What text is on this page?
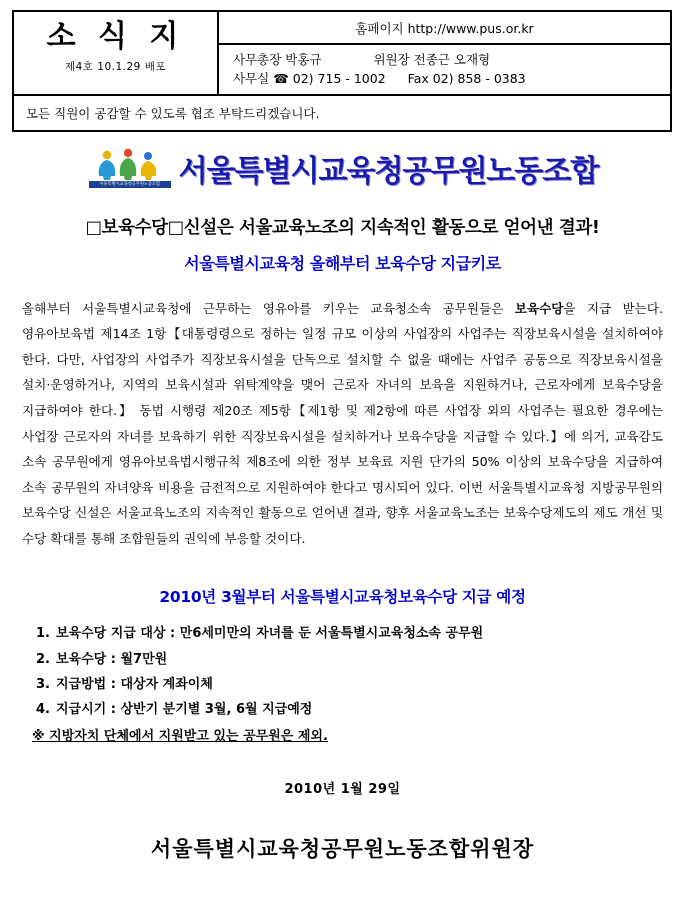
소 식 지
제4호 10.1.29 배포
홈페이지 http://www.pus.or.kr
사무총장 박홍규	위원장 전종근 오재형
사무실 ☎ 02) 715 - 1002 Fax 02) 858 - 0383
모든 직원이 공감할 수 있도록 협조 부탁드리겠습니다.
서울특별시교육청공무원노동조합 서울특별시교육청공무원노동조합
□보육수당□신설은 서울교육노조의 지속적인 활동으로 얻어낸 결과!
서울특별시교육청 올해부터 보육수당 지급키로

올해부터 서울특별시교육청에 근무하는 영유아를 키우는 교육청소속 공무원들은 보육수당을 지급 받는다. 영유아보육법 제14조 1항【대통령령으로 정하는 일정 규모 이상의 사업장의 사업주는 직장보육시설을 설치하여야 한다. 다만, 사업장의 사업주가 직장보육시설을 단독으로 설치할 수 없을 때에는 사업주 공동으로 직장보육시설을 설치·운영하거나, 지역의 보육시설과 위탁계약을 맺어 근로자 자녀의 보육을 지원하거나, 근로자에게 보육수당을 지급하여야 한다.】 동법 시행령 제20조 제5항【제1항 및 제2항에 따른 사업장 외의 사업주는 필요한 경우에는 사업장 근로자의 자녀를 보육하기 위한 직장보육시설을 설치하거나 보육수당을 지급할 수 있다.】에 의거, 교육감도 소속 공무원에게 영유아보육법시행규칙 제8조에 의한 정부 보육료 지원 단가의 50% 이상의 보육수당을 지급하여 소속 공무원의 자녀양육 비용을 금전적으로 지원하여야 한다고 명시되어 있다. 이번 서울특별시교육청 지방공무원의 보육수당 신설은 서울교육노조의 지속적인 활동으로 얻어낸 결과, 향후 서울교육노조는 보육수당제도의 제도 개선 및 수당 확대를 통해 조합원들의 권익에 부응할 것이다.

2010년 3월부터 서울특별시교육청보육수당 지급 예정
1. 보육수당 지급 대상 : 만6세미만의 자녀를 둔 서울특별시교육청소속 공무원
2. 보육수당 : 월7만원
3. 지급방법 : 대상자 계좌이체
4. 지급시기 : 상반기 분기별 3월, 6월 지급예정
※ 지방자치 단체에서 지원받고 있는 공무원은 제외.
2010년 1월 29일
서울특별시교육청공무원노동조합위원장
